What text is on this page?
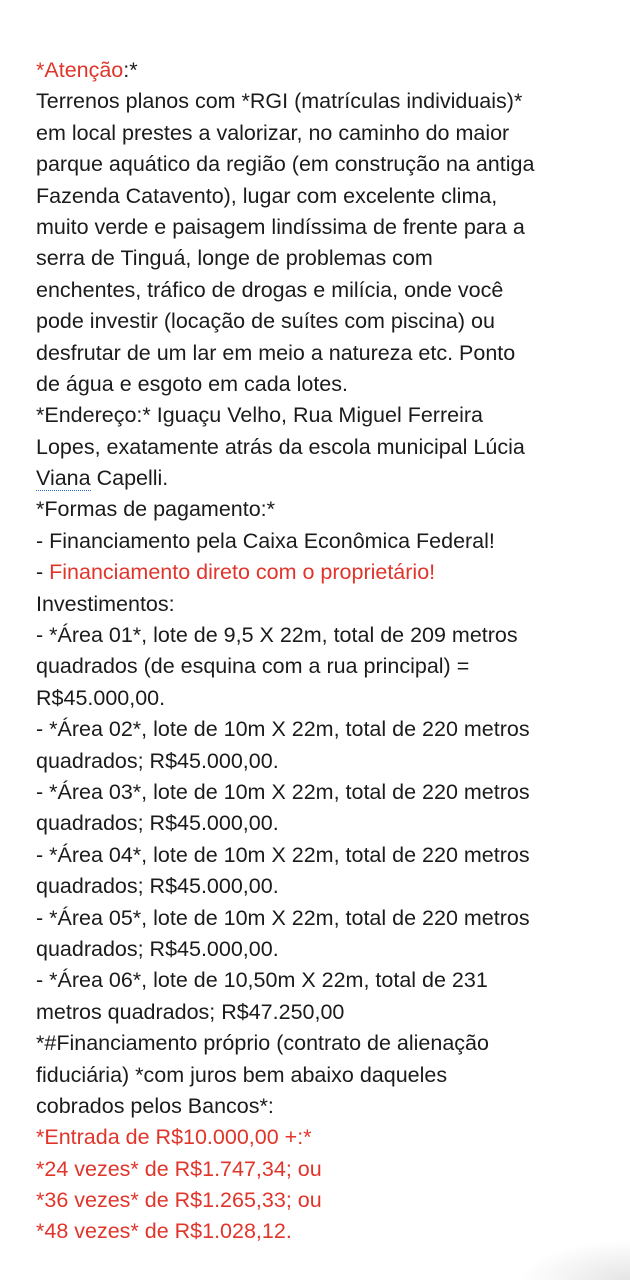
*Atenção:*
Terrenos planos com *RGI (matrículas individuais)*
em local prestes a valorizar, no caminho do maior
parque aquático da região (em construção na antiga
Fazenda Catavento), lugar com excelente clima,
muito verde e paisagem lindíssima de frente para a
serra de Tinguá, longe de problemas com
enchentes, tráfico de drogas e milícia, onde você
pode investir (locação de suítes com piscina) ou
desfrutar de um lar em meio a natureza etc. Ponto
de água e esgoto em cada lotes.
*Endereço:* Iguaçu Velho, Rua Miguel Ferreira
Lopes, exatamente atrás da escola municipal Lúcia
Viana Capelli.
*Formas de pagamento:*
- Financiamento pela Caixa Econômica Federal!
- Financiamento direto com o proprietário!
Investimentos:
- *Área 01*, lote de 9,5 X 22m, total de 209 metros
quadrados (de esquina com a rua principal) =
R$45.000,00.
- *Área 02*, lote de 10m X 22m, total de 220 metros
quadrados; R$45.000,00.
- *Área 03*, lote de 10m X 22m, total de 220 metros
quadrados; R$45.000,00.
- *Área 04*, lote de 10m X 22m, total de 220 metros
quadrados; R$45.000,00.
- *Área 05*, lote de 10m X 22m, total de 220 metros
quadrados; R$45.000,00.
- *Área 06*, lote de 10,50m X 22m, total de 231
metros quadrados; R$47.250,00
*#Financiamento próprio (contrato de alienação
fiduciária) *com juros bem abaixo daqueles
cobrados pelos Bancos*:
*Entrada de R$10.000,00 +:*
*24 vezes* de R$1.747,34; ou
*36 vezes* de R$1.265,33; ou
*48 vezes* de R$1.028,12.
